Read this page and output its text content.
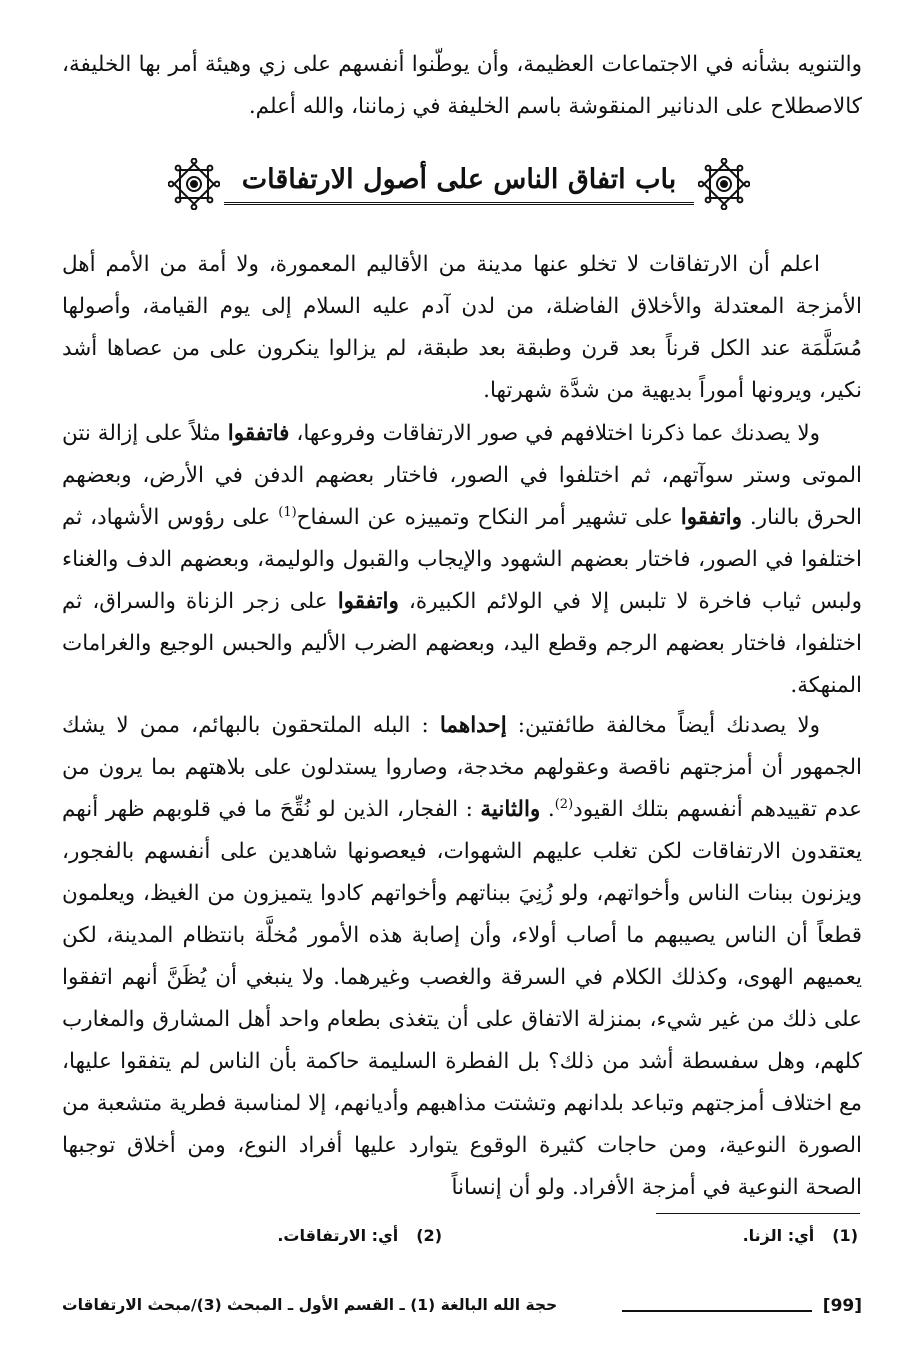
والتنويه بشأنه في الاجتماعات العظيمة، وأن يوطّنوا أنفسهم على زي وهيئة أمر بها الخليفة، كالاصطلاح على الدنانير المنقوشة باسم الخليفة في زماننا، والله أعلم.
باب اتفاق الناس على أصول الارتفاقات
اعلم أن الارتفاقات لا تخلو عنها مدينة من الأقاليم المعمورة، ولا أمة من الأمم أهل الأمزجة المعتدلة والأخلاق الفاضلة، من لدن آدم عليه السلام إلى يوم القيامة، وأصولها مُسَلَّمَة عند الكل قرناً بعد قرن وطبقة بعد طبقة، لم يزالوا ينكرون على من عصاها أشد نكير، ويرونها أموراً بديهية من شدَّة شهرتها.
ولا يصدنك عما ذكرنا اختلافهم في صور الارتفاقات وفروعها، فاتفقوا مثلاً على إزالة نتن الموتى وستر سوآتهم، ثم اختلفوا في الصور، فاختار بعضهم الدفن في الأرض، وبعضهم الحرق بالنار. واتفقوا على تشهير أمر النكاح وتمييزه عن السفاح$^{(1)}$ على رؤوس الأشهاد، ثم اختلفوا في الصور، فاختار بعضهم الشهود والإيجاب والقبول والوليمة، وبعضهم الدف والغناء ولبس ثياب فاخرة لا تلبس إلا في الولائم الكبيرة، واتفقوا على زجر الزناة والسراق، ثم اختلفوا، فاختار بعضهم الرجم وقطع اليد، وبعضهم الضرب الأليم والحبس الوجيع والغرامات المنهكة.
ولا يصدنك أيضاً مخالفة طائفتين: إحداهما : البله الملتحقون بالبهائم، ممن لا يشك الجمهور أن أمزجتهم ناقصة وعقولهم مخدجة، وصاروا يستدلون على بلاهتهم بما يرون من عدم تقييدهم أنفسهم بتلك القيود$^{(2)}$. والثانية : الفجار، الذين لو نُقِّحَ ما في قلوبهم ظهر أنهم يعتقدون الارتفاقات لكن تغلب عليهم الشهوات، فيعصونها شاهدين على أنفسهم بالفجور، ويزنون ببنات الناس وأخواتهم، ولو زُنِيَ ببناتهم وأخواتهم كادوا يتميزون من الغيظ، ويعلمون قطعاً أن الناس يصيبهم ما أصاب أولاء، وأن إصابة هذه الأمور مُخلَّة بانتظام المدينة، لكن يعميهم الهوى، وكذلك الكلام في السرقة والغصب وغيرهما. ولا ينبغي أن يُظَنَّ أنهم اتفقوا على ذلك من غير شيء، بمنزلة الاتفاق على أن يتغذى بطعام واحد أهل المشارق والمغارب كلهم، وهل سفسطة أشد من ذلك؟ بل الفطرة السليمة حاكمة بأن الناس لم يتفقوا عليها، مع اختلاف أمزجتهم وتباعد بلدانهم وتشتت مذاهبهم وأديانهم، إلا لمناسبة فطرية متشعبة من الصورة النوعية، ومن حاجات كثيرة الوقوع يتوارد عليها أفراد النوع، ومن أخلاق توجبها الصحة النوعية في أمزجة الأفراد. ولو أن إنساناً
(1)أي: الزنا.
(2)أي: الارتفاقات.
[99]
حجة الله البالغة (1) ـ القسم الأول ـ المبحث (3)/مبحث الارتفاقات
